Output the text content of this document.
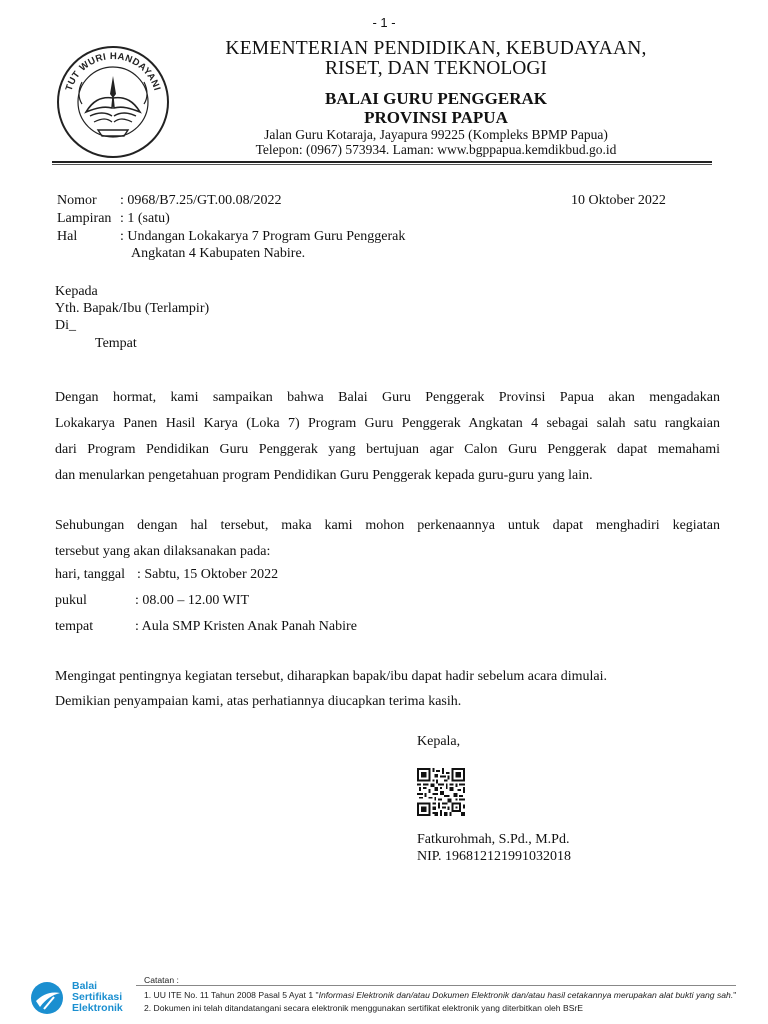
- 1 -
TUT WURI HANDAYANI
KEMENTERIAN PENDIDIKAN, KEBUDAYAAN,
RISET, DAN TEKNOLOGI
BALAI GURU PENGGERAK
PROVINSI PAPUA
Jalan Guru Kotaraja, Jayapura 99225 (Kompleks BPMP Papua)
Telepon: (0967) 573934. Laman: www.bgppapua.kemdikbud.go.id
Nomor : 0968/B7.25/GT.00.08/2022	10 Oktober 2022
Lampiran : 1 (satu)
Hal	: Undangan Lokakarya 7 Program Guru Penggerak
Angkatan 4 Kabupaten Nabire.
Kepada
Yth. Bapak/Ibu (Terlampir)
Di_
Tempat
Dengan hormat, kami sampaikan bahwa Balai Guru Penggerak Provinsi Papua akan mengadakan
Lokakarya Panen Hasil Karya (Loka 7) Program Guru Penggerak Angkatan 4 sebagai salah satu rangkaian
dari Program Pendidikan Guru Penggerak yang bertujuan agar Calon Guru Penggerak dapat memahami
dan menularkan pengetahuan program Pendidikan Guru Penggerak kepada guru-guru yang lain.
Sehubungan dengan hal tersebut, maka kami mohon perkenaannya untuk dapat menghadiri kegiatan
tersebut yang akan dilaksanakan pada:
hari, tanggal : Sabtu, 15 Oktober 2022
pukul	: 08.00 – 12.00 WIT
tempat	: Aula SMP Kristen Anak Panah Nabire
Mengingat pentingnya kegiatan tersebut, diharapkan bapak/ibu dapat hadir sebelum acara dimulai.
Demikian penyampaian kami, atas perhatiannya diucapkan terima kasih.
Kepala,
Fatkurohmah, S.Pd., M.Pd.
NIP. 196812121991032018
Balai
Sertifikasi
Elektronik
Catatan :
1. UU ITE No. 11 Tahun 2008 Pasal 5 Ayat 1 "Informasi Elektronik dan/atau Dokumen Elektronik dan/atau hasil cetakannya merupakan alat bukti yang sah."
2. Dokumen ini telah ditandatangani secara elektronik menggunakan sertifikat elektronik yang diterbitkan oleh BSrE
